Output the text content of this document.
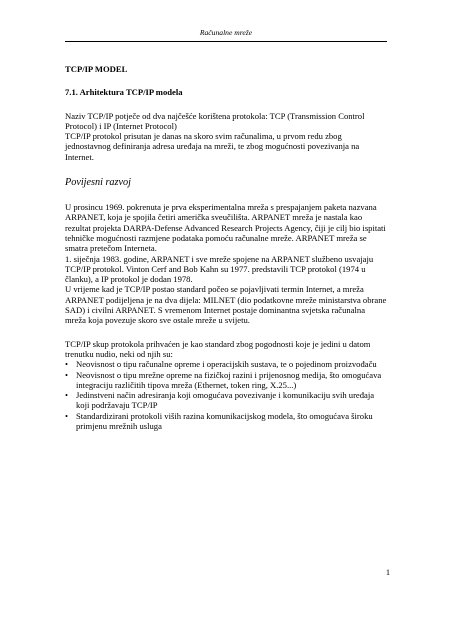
Računalne mreže

TCP/IP MODEL

7.1. Arhitektura TCP/IP modela

Naziv TCP/IP potječe od dva najčešće korištena protokola: TCP (Transmission Control Protocol) i IP (Internet Protocol)

TCP/IP protokol prisutan je danas na skoro svim računalima, u prvom redu zbog jednostavnog definiranja adresa uređaja na mreži, te zbog mogućnosti povezivanja na Internet.

Povijesni razvoj

U prosincu 1969. pokrenuta je prva eksperimentalna mreža s prespajanjem paketa nazvana ARPANET, koja je spojila četiri američka sveučilišta. ARPANET mreža je nastala kao rezultat projekta DARPA-Defense Advanced Research Projects Agency, čiji je cilj bio ispitati tehničke mogućnosti razmjene podataka pomoću računalne mreže. ARPANET mreža se smatra pretečom Interneta.

1. siječnja 1983. godine, ARPANET i sve mreže spojene na ARPANET službeno usvajaju TCP/IP protokol. Vinton Cerf and Bob Kahn su 1977. predstavili TCP protokol (1974 u članku), a IP protokol je dodan 1978.

U vrijeme kad je TCP/IP postao standard počeo se pojavljivati termin Internet, a mreža ARPANET podijeljena je na dva dijela: MILNET (dio podatkovne mreže ministarstva obrane SAD) i civilni ARPANET. S vremenom Internet postaje dominantna svjetska računalna mreža koja povezuje skoro sve ostale mreže u svijetu.

TCP/IP skup protokola prihvaćen je kao standard zbog pogodnosti koje je jedini u datom trenutku nudio, neki od njih su:

• Neovisnost o tipu računalne opreme i operacijskih sustava, te o pojedinom proizvođaču
• Neovisnost o tipu mrežne opreme na fizičkoj razini i prijenosnog medija, što omogućava integraciju različitih tipova mreža (Ethernet, token ring, X.25...)
• Jedinstveni način adresiranja koji omogućava povezivanje i komunikaciju svih uređaja koji podržavaju TCP/IP
• Standardizirani protokoli viših razina komunikacijskog modela, što omogućava široku primjenu mrežnih usluga
1
